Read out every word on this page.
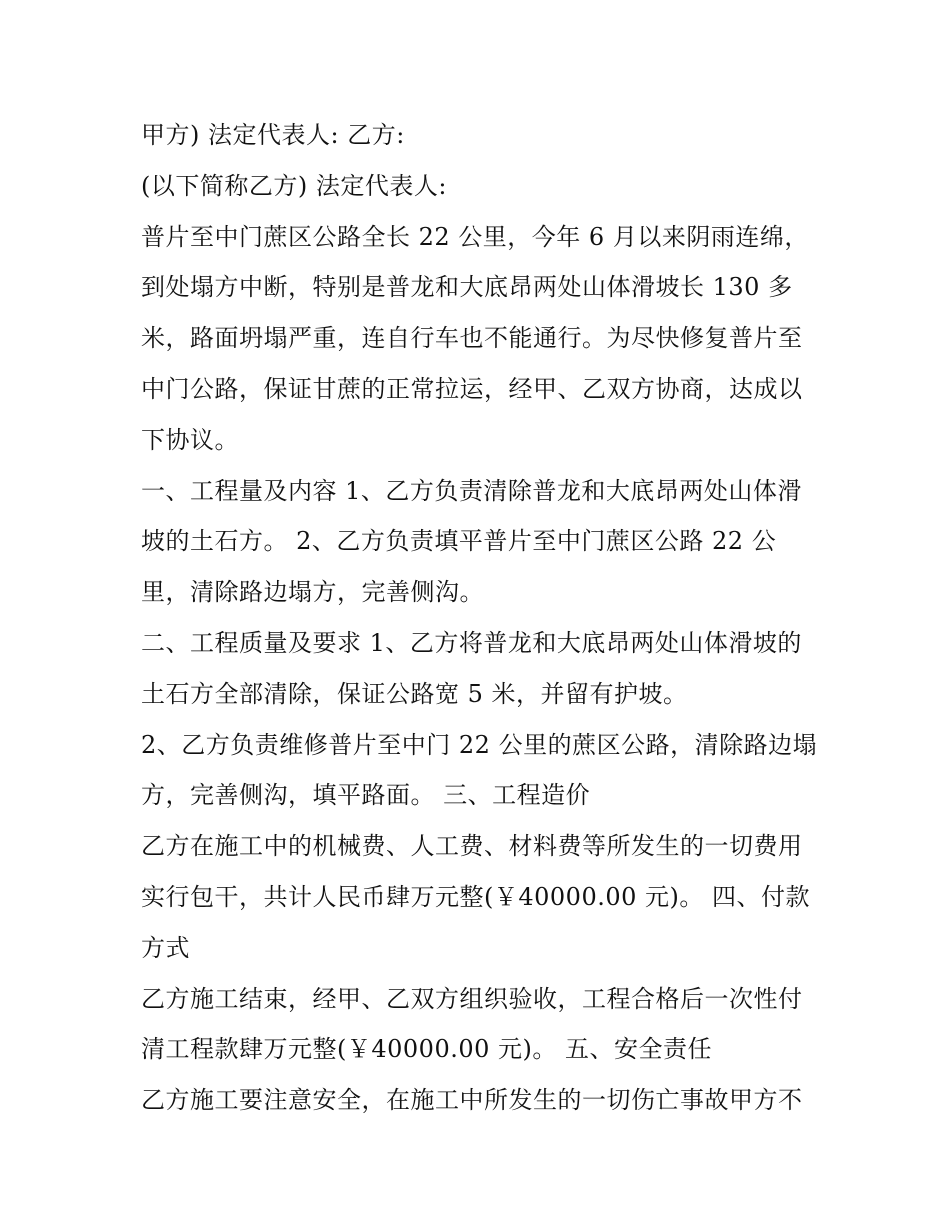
甲方) 法定代表人: 乙方:
(以下简称乙方) 法定代表人:
普片至中门蔗区公路全长 22 公里，今年 6 月以来阴雨连绵，
到处塌方中断，特别是普龙和大底昂两处山体滑坡长 130 多
米，路面坍塌严重，连自行车也不能通行。为尽快修复普片至
中门公路，保证甘蔗的正常拉运，经甲、乙双方协商，达成以
下协议。
一、工程量及内容 1、乙方负责清除普龙和大底昂两处山体滑
坡的土石方。 2、乙方负责填平普片至中门蔗区公路 22 公
里，清除路边塌方，完善侧沟。
二、工程质量及要求 1、乙方将普龙和大底昂两处山体滑坡的
土石方全部清除，保证公路宽 5 米，并留有护坡。
2、乙方负责维修普片至中门 22 公里的蔗区公路，清除路边塌
方，完善侧沟，填平路面。 三、工程造价
乙方在施工中的机械费、人工费、材料费等所发生的一切费用
实行包干，共计人民币肆万元整(￥40000.00 元)。 四、付款
方式
乙方施工结束，经甲、乙双方组织验收，工程合格后一次性付
清工程款肆万元整(￥40000.00 元)。 五、安全责任
乙方施工要注意安全，在施工中所发生的一切伤亡事故甲方不
